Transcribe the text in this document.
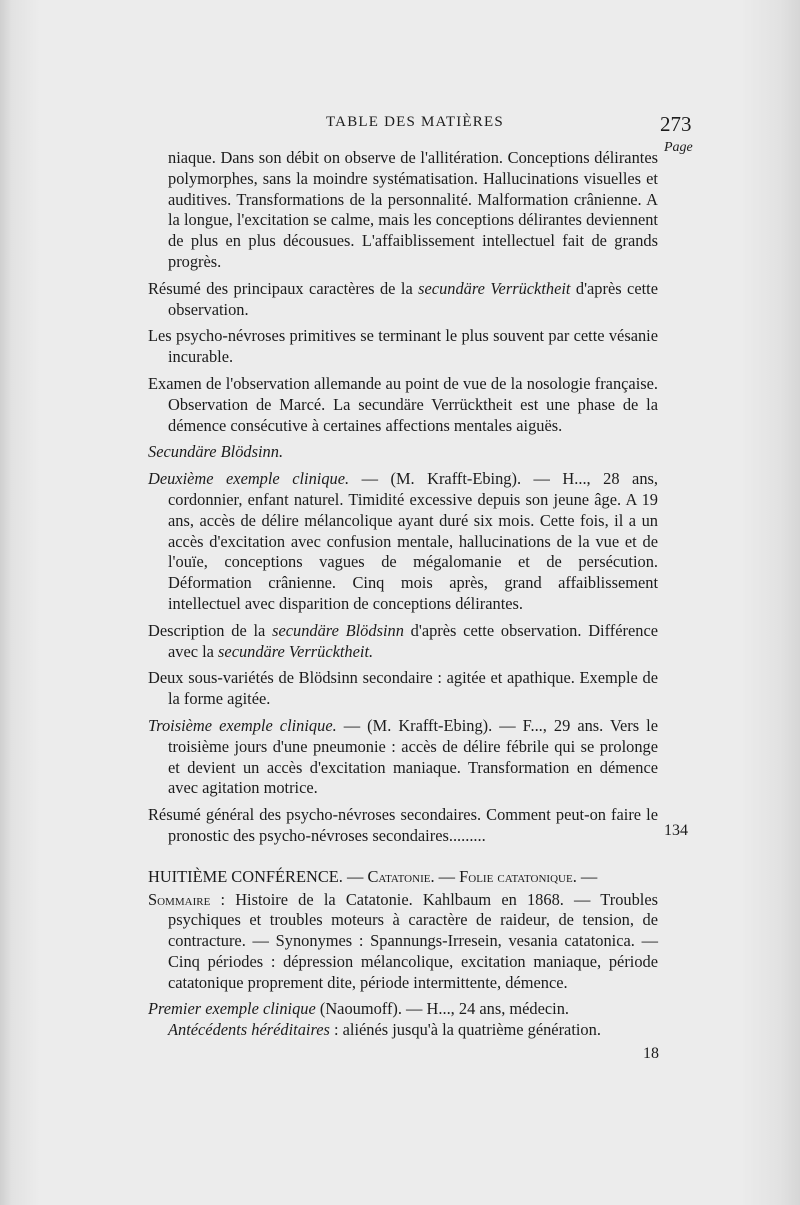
TABLE DES MATIÈRES	273
Page

niaque. Dans son débit on observe de l'allitération. Conceptions délirantes polymorphes, sans la moindre systématisation. Hallucinations visuelles et auditives. Transformations de la personnalité. Malformation crânienne. A la longue, l'excitation se calme, mais les conceptions délirantes deviennent de plus en plus décousues. L'affaiblissement intellectuel fait de grands progrès.

Résumé des principaux caractères de la secundäre Verrücktheit d'après cette observation.

Les psycho-névroses primitives se terminant le plus souvent par cette vésanie incurable.

Examen de l'observation allemande au point de vue de la nosologie française. Observation de Marcé. La secundäre Verrücktheit est une phase de la démence consécutive à certaines affections mentales aiguës.

Secundäre Blödsinn.

Deuxième exemple clinique. — (M. Krafft-Ebing). — H..., 28 ans, cordonnier, enfant naturel. Timidité excessive depuis son jeune âge. A 19 ans, accès de délire mélancolique ayant duré six mois. Cette fois, il a un accès d'excitation avec confusion mentale, hallucinations de la vue et de l'ouïe, conceptions vagues de mégalomanie et de persécution. Déformation crânienne. Cinq mois après, grand affaiblissement intellectuel avec disparition de conceptions délirantes.

Description de la secundäre Blödsinn d'après cette observation. Différence avec la secundäre Verrücktheit.

Deux sous-variétés de Blödsinn secondaire : agitée et apathique. Exemple de la forme agitée.

Troisième exemple clinique. — (M. Krafft-Ebing). — F..., 29 ans. Vers le troisième jours d'une pneumonie : accès de délire fébrile qui se prolonge et devient un accès d'excitation maniaque. Transformation en démence avec agitation motrice.

Résumé général des psycho-névroses secondaires. Comment peut-on faire le pronostic des psycho-névroses secondaires.........

HUITIÈME CONFÉRENCE. — Catatonie. — Folie catatonique. —

Sommaire : Histoire de la Catatonie. Kahlbaum en 1868. — Troubles psychiques et troubles moteurs à caractère de raideur, de tension, de contracture. — Synonymes : Spannungs-Irresein, vesania catatonica. — Cinq périodes : dépression mélancolique, excitation maniaque, période catatonique proprement dite, période intermittente, démence.

Premier exemple clinique (Naoumoff). — H..., 24 ans, médecin.

Antécédents héréditaires : aliénés jusqu'à la quatrième génération.

134
18
